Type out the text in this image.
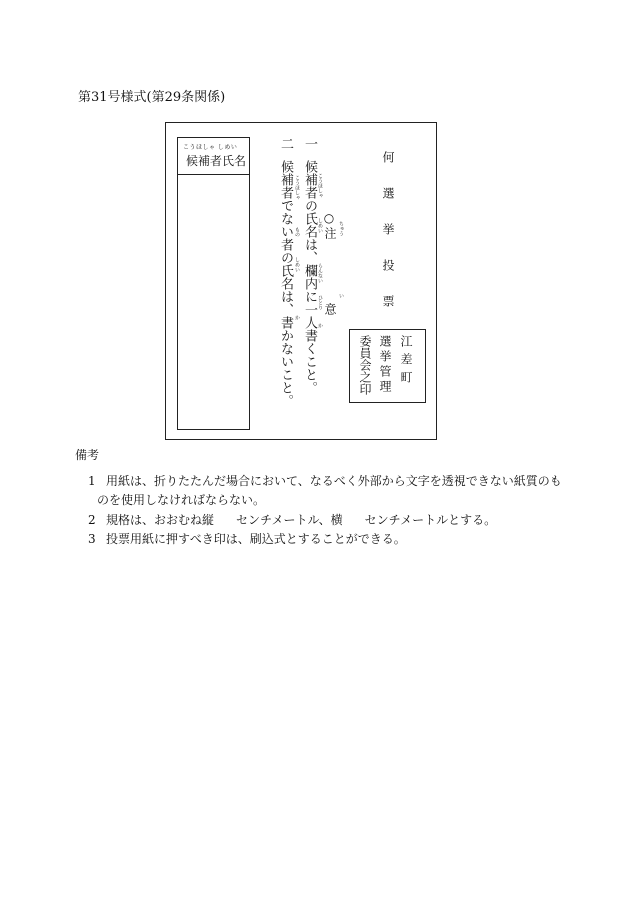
第31号様式(第29条関係)
こうほしゃ しめい
候補者氏名
二候補者でない者の氏名は、書かないこと。 こうほしゃ
もの
しめい
か
一候補者の氏名は、欄内に一人書くこと。
こうほしゃ
しめい
らんない
ひとり
か
○
注 ちゅう
意
い	何選挙投票
江差町
選挙管理
委員会之印
備考
1 用紙は、折りたたんだ場合において、なるべく外部から文字を透視できない紙質のも
のを使用しなければならない。
2 規格は、おおむね縦 センチメートル、横 センチメートルとする。
3 投票用紙に押すべき印は、刷込式とすることができる。
